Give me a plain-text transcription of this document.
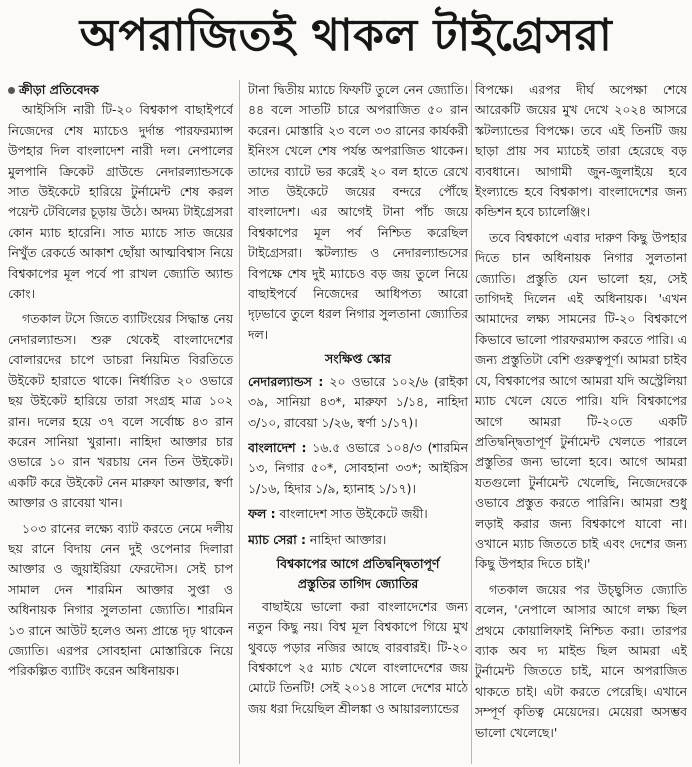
অপরাজিতই থাকল টাইগ্রেসরা
ক্রীড়া প্রতিবেদক

আইসিসি নারী টি-২০ বিশ্বকাপ বাছাইপর্বে নিজেদের শেষ ম্যাচেও দুর্দান্ত পারফরম্যান্স উপহার দিল বাংলাদেশ নারী দল। নেপালের মুলপানি ক্রিকেট গ্রাউন্ডে নেদারল্যান্ডসকে সাত উইকেটে হারিয়ে টুর্নামেন্ট শেষ করল পয়েন্ট টেবিলের চূড়ায় উঠে। অদম্য টাইগ্রেসরা কোন ম্যাচ হারেনি। সাত ম্যাচে সাত জয়ের নিখুঁত রেকর্ডে আকাশ ছোঁয়া আত্মবিশ্বাস নিয়ে বিশ্বকাপের মূল পর্বে পা রাখল জ্যোতি অ্যান্ড কোং।

গতকাল টসে জিতে ব্যাটিংয়ের সিদ্ধান্ত নেয় নেদারল্যান্ডস। শুরু থেকেই বাংলাদেশের বোলারদের চাপে ডাচরা নিয়মিত বিরতিতে উইকেট হারাতে থাকে। নির্ধারিত ২০ ওভারে ছয় উইকেট হারিয়ে তারা সংগ্রহ মাত্র ১০২ রান। দলের হয়ে ৩৭ বলে সর্বোচ্চ ৪৩ রান করেন সানিয়া খুরানা। নাহিদা আক্তার চার ওভারে ১০ রান খরচায় নেন তিন উইকেট। একটি করে উইকেট নেন মারুফা আক্তার, স্বর্ণা আক্তার ও রাবেয়া খান।

১০৩ রানের লক্ষ্যে ব্যাট করতে নেমে দলীয় ছয় রানে বিদায় নেন দুই ওপেনার দিলারা আক্তার ও জুয়াইরিয়া ফেরদৌস। সেই চাপ সামাল দেন শারমিন আক্তার সুপ্তা ও অধিনায়ক নিগার সুলতানা জ্যোতি। শারমিন ১৩ রানে আউট হলেও অন্য প্রান্তে দৃঢ় থাকেন জ্যোতি। এরপর সোবহানা মোস্তারিকে নিয়ে পরিকল্পিত ব্যাটিং করেন অধিনায়ক।

টানা দ্বিতীয় ম্যাচে ফিফটি তুলে নেন জ্যোতি। ৪৪ বলে সাতটি চারে অপরাজিত ৫০ রান করেন। মোস্তারি ২৩ বলে ৩৩ রানের কার্যকরী ইনিংস খেলে শেষ পর্যন্ত অপরাজিত থাকেন। তাদের ব্যাটে ভর করেই ২০ বল হাতে রেখে সাত উইকেটে জয়ের বন্দরে পৌঁছে বাংলাদেশ। এর আগেই টানা পাঁচ জয়ে বিশ্বকাপের মূল পর্ব নিশ্চিত করেছিল টাইগ্রেসরা। স্কটল্যান্ড ও নেদারল্যান্ডসের বিপক্ষে শেষ দুই ম্যাচেও বড় জয় তুলে নিয়ে বাছাইপর্বে নিজেদের আধিপত্য আরো দৃঢ়ভাবে তুলে ধরল নিগার সুলতানা জ্যোতির দল।

সংক্ষিপ্ত স্কোর

নেদারল্যান্ডস : ২০ ওভারে ১০২/৬ (রাইকা ৩৯, সানিয়া ৪৩*, মারুফা ১/১৪, নাহিদা ৩/১০, রাবেয়া ১/২৬, স্বর্ণা ১/১৭)।

বাংলাদেশ : ১৬.৫ ওভারে ১০৪/৩ (শারমিন ১৩, নিগার ৫০*, সোবহানা ৩৩*; আইরিস ১/১৬, হিদার ১/৯, হ্যানাহ ১/১৭)।

ফল : বাংলাদেশ সাত উইকেটে জয়ী।

ম্যাচ সেরা : নাহিদা আক্তার।

বিশ্বকাপের আগে প্রতিদ্বন্দ্বিতাপূর্ণ
প্রস্তুতির তাগিদ জ্যোতির

বাছাইয়ে ভালো করা বাংলাদেশের জন্য নতুন কিছু নয়। বিশ্ব মূল বিশ্বকাপে গিয়ে মুখ থুবড়ে পড়ার নজির আছে বারবারই। টি-২০ বিশ্বকাপে ২৫ ম্যাচ খেলে বাংলাদেশের জয় মোটে তিনটি! সেই ২০১৪ সালে দেশের মাঠে জয় ধরা দিয়েছিল শ্রীলঙ্কা ও আয়ারল্যান্ডের

বিপক্ষে। এরপর দীর্ঘ অপেক্ষা শেষে আরেকটি জয়ের মুখ দেখে ২০২৪ আসরে স্কটল্যান্ডের বিপক্ষে। তবে এই তিনটি জয় ছাড়া প্রায় সব ম্যাচেই তারা হেরেছে বড় ব্যবধানে। আগামী জুন-জুলাইয়ে হবে ইংল্যান্ডে হবে বিশ্বকাপ। বাংলাদেশের জন্য কন্ডিশন হবে চ্যালেঞ্জিং।

তবে বিশ্বকাপে এবার দারুণ কিছু উপহার দিতে চান অধিনায়ক নিগার সুলতানা জ্যোতি। প্রস্তুতি যেন ভালো হয়, সেই তাগিদই দিলেন এই অধিনায়ক। 'এখন আমাদের লক্ষ্য সামনের টি-২০ বিশ্বকাপে কিভাবে ভালো পারফরম্যান্স করতে পারি। এ জন্য প্রস্তুতিটা বেশি গুরুত্বপূর্ণ। আমরা চাইব যে, বিশ্বকাপের আগে আমরা যদি অস্ট্রেলিয়া ম্যাচ খেলে যেতে পারি। যদি বিশ্বকাপের আগে আমরা টি-২০তে একটি প্রতিদ্বন্দ্বিতাপূর্ণ টুর্নামেন্ট খেলতে পারলে প্রস্তুতির জন্য ভালো হবে। আগে আমরা যতগুলো টুর্নামেন্ট খেলেছি, নিজেদেরকে ওভাবে প্রস্তুত করতে পারিনি। আমরা শুধু লড়াই করার জন্য বিশ্বকাপে যাবো না। ওখানে ম্যাচ জিততে চাই এবং দেশের জন্য কিছু উপহার দিতে চাই।'

গতকাল জয়ের পর উচ্ছ্বসিত জ্যোতি বলেন, 'নেপালে আসার আগে লক্ষ্য ছিল প্রথমে কোয়ালিফাই নিশ্চিত করা। তারপর ব্যাক অব দ্য মাইন্ড ছিল আমরা এই টুর্নামেন্ট জিততে চাই, মানে অপরাজিত থাকতে চাই। এটা করতে পেরেছি। এখানে সম্পূর্ণ কৃতিত্ব মেয়েদের। মেয়েরা অসম্ভব ভালো খেলেছে।'
